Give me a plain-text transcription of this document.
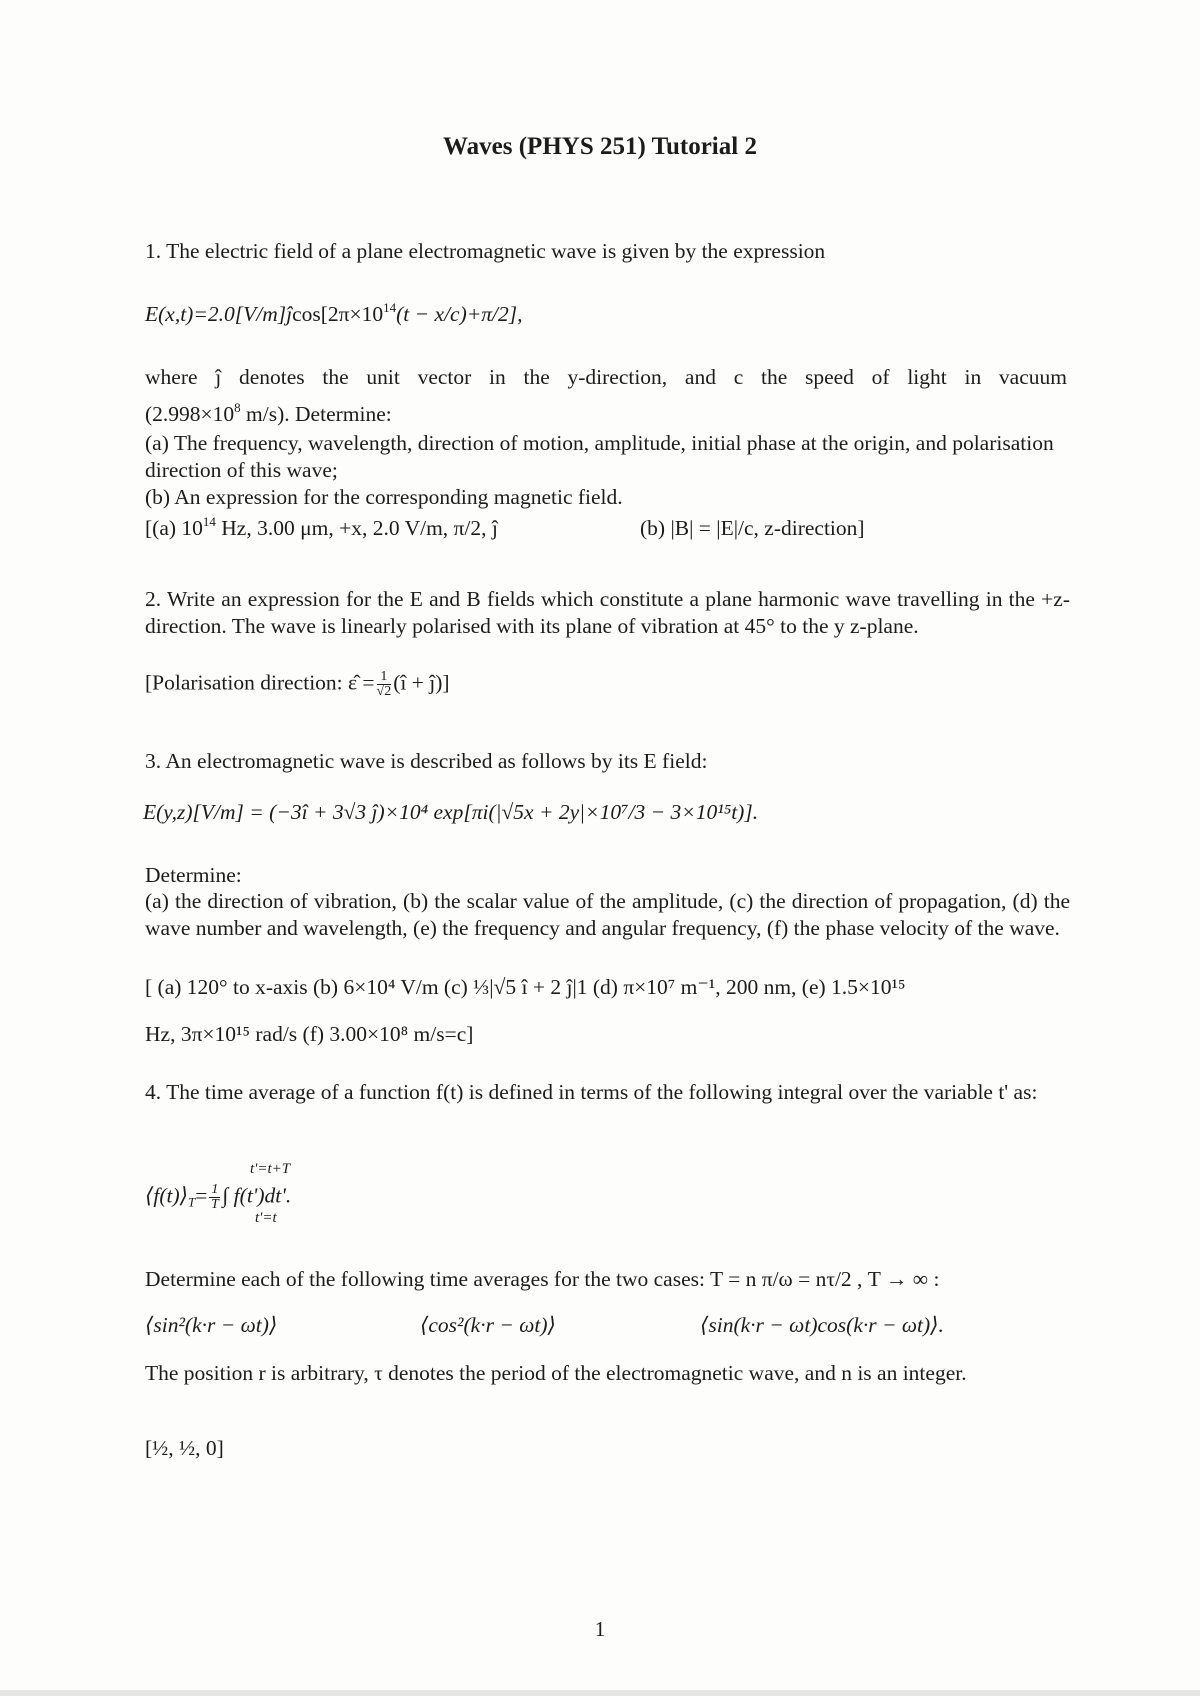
Waves (PHYS 251) Tutorial 2
1. The electric field of a plane electromagnetic wave is given by the expression
$E(x,t)=2.0[V/m]ĵ\cos[2\pi\times 10^{14}(t - x/c)+\pi/2]$,
where ĵ denotes the unit vector in the y-direction, and c the speed of light in vacuum
($2.998\times 10^8$ m/s). Determine:
(a) The frequency, wavelength, direction of motion, amplitude, initial phase at the origin, and polarisation direction of this wave;
(b) An expression for the corresponding magnetic field.
[(a) $10^{14}$ Hz, 3.00 μm, +x, 2.0 V/m, π/2, ĵ	(b) |B| = |E|/c, z-direction]
2. Write an expression for the E and B fields which constitute a plane harmonic wave travelling in the +z-direction. The wave is linearly polarised with its plane of vibration at 45° to the y z-plane.
[Polarisation direction: ε̂ = $\frac{1}{√2}$ (î + ĵ)]
3. An electromagnetic wave is described as follows by its E field:
E(y,z)[V/m] = (−3î + 3√3 ĵ)×10⁴ exp[πi(|√5x + 2y|×10⁷/3 − 3×10¹⁵t)].
Determine:
(a) the direction of vibration, (b) the scalar value of the amplitude, (c) the direction of propagation, (d) the wave number and wavelength, (e) the frequency and angular frequency, (f) the phase velocity of the wave.
[ (a) 120° to x-axis (b) 6×10⁴ V/m (c) ⅓|√5 î + 2 ĵ|1 (d) π×10⁷ m⁻¹, 200 nm, (e) 1.5×10¹⁵
Hz, 3π×10¹⁵ rad/s (f) 3.00×10⁸ m/s=c]
4. The time average of a function f(t) is defined in terms of the following integral over the variable t' as:
$⟨f(t)⟩_T= \frac{1}{T}$ ∫ f(t')dt'.
t'=t+T
t'=t
Determine each of the following time averages for the two cases: T = n π/ω = nτ/2 , T → ∞ :
⟨sin²(k·r − ωt)⟩	⟨cos²(k·r − ωt)⟩	⟨sin(k·r − ωt)cos(k·r − ωt)⟩.
The position r is arbitrary, τ denotes the period of the electromagnetic wave, and n is an integer.
[½, ½, 0]
1
